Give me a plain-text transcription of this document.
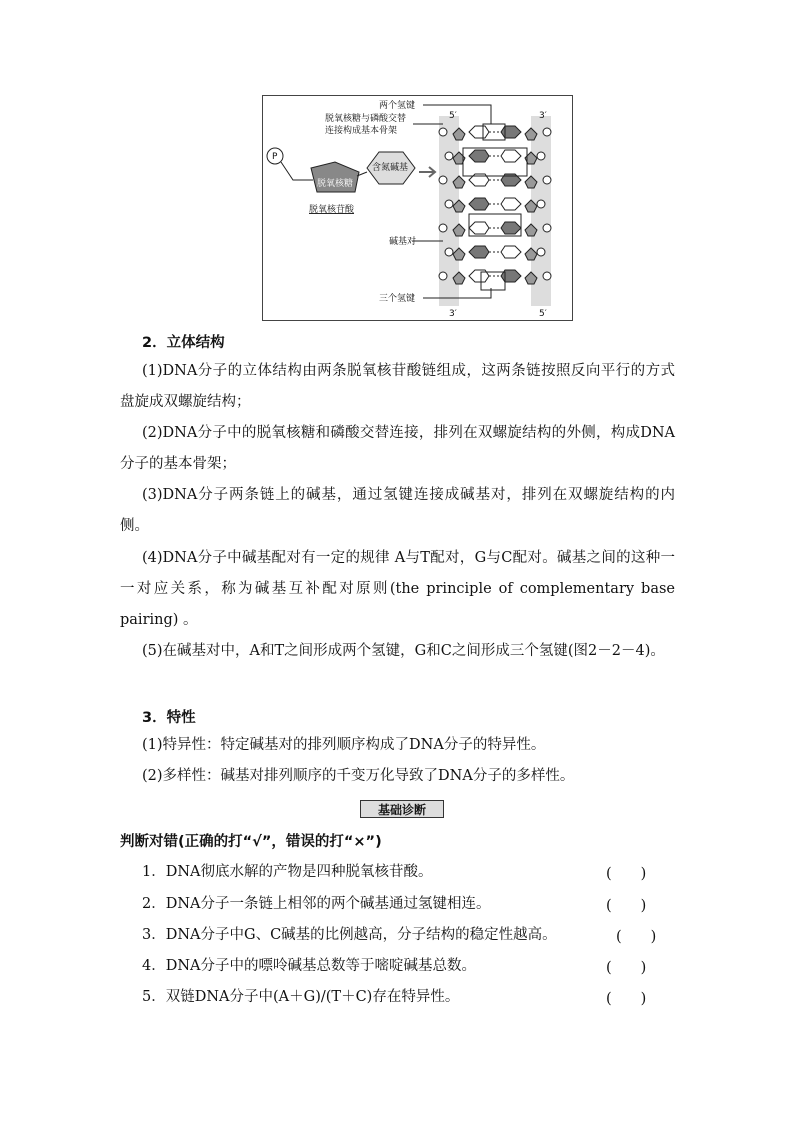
P
脱氧核糖
含氮碱基
脱氧核苷酸
两个氢键
脱氧核糖与磷酸交替
连接构成基本骨架
碱基对
三个氢键
5′	3′
3′	5′
2．立体结构
(1)DNA分子的立体结构由两条脱氧核苷酸链组成，这两条链按照反向平行的方式盘旋成双螺旋结构；
(2)DNA分子中的脱氧核糖和磷酸交替连接，排列在双螺旋结构的外侧，构成DNA分子的基本骨架；
(3)DNA分子两条链上的碱基，通过氢键连接成碱基对，排列在双螺旋结构的内侧。
(4)DNA分子中碱基配对有一定的规律 A与T配对，G与C配对。碱基之间的这种一一对应关系，称为碱基互补配对原则(the principle of complementary base pairing) 。
(5)在碱基对中，A和T之间形成两个氢键，G和C之间形成三个氢键(图2－2－4)。
3．特性
(1)特异性：特定碱基对的排列顺序构成了DNA分子的特异性。
(2)多样性：碱基对排列顺序的千变万化导致了DNA分子的多样性。
基础诊断
判断对错(正确的打“√”，错误的打“×”)
1．DNA彻底水解的产物是四种脱氧核苷酸。	(　　)
2．DNA分子一条链上相邻的两个碱基通过氢键相连。	(　　)
3．DNA分子中G、C碱基的比例越高，分子结构的稳定性越高。	(　　)
4．DNA分子中的嘌呤碱基总数等于嘧啶碱基总数。	(　　)
5．双链DNA分子中(A＋G)/(T＋C)存在特异性。	(　　)
